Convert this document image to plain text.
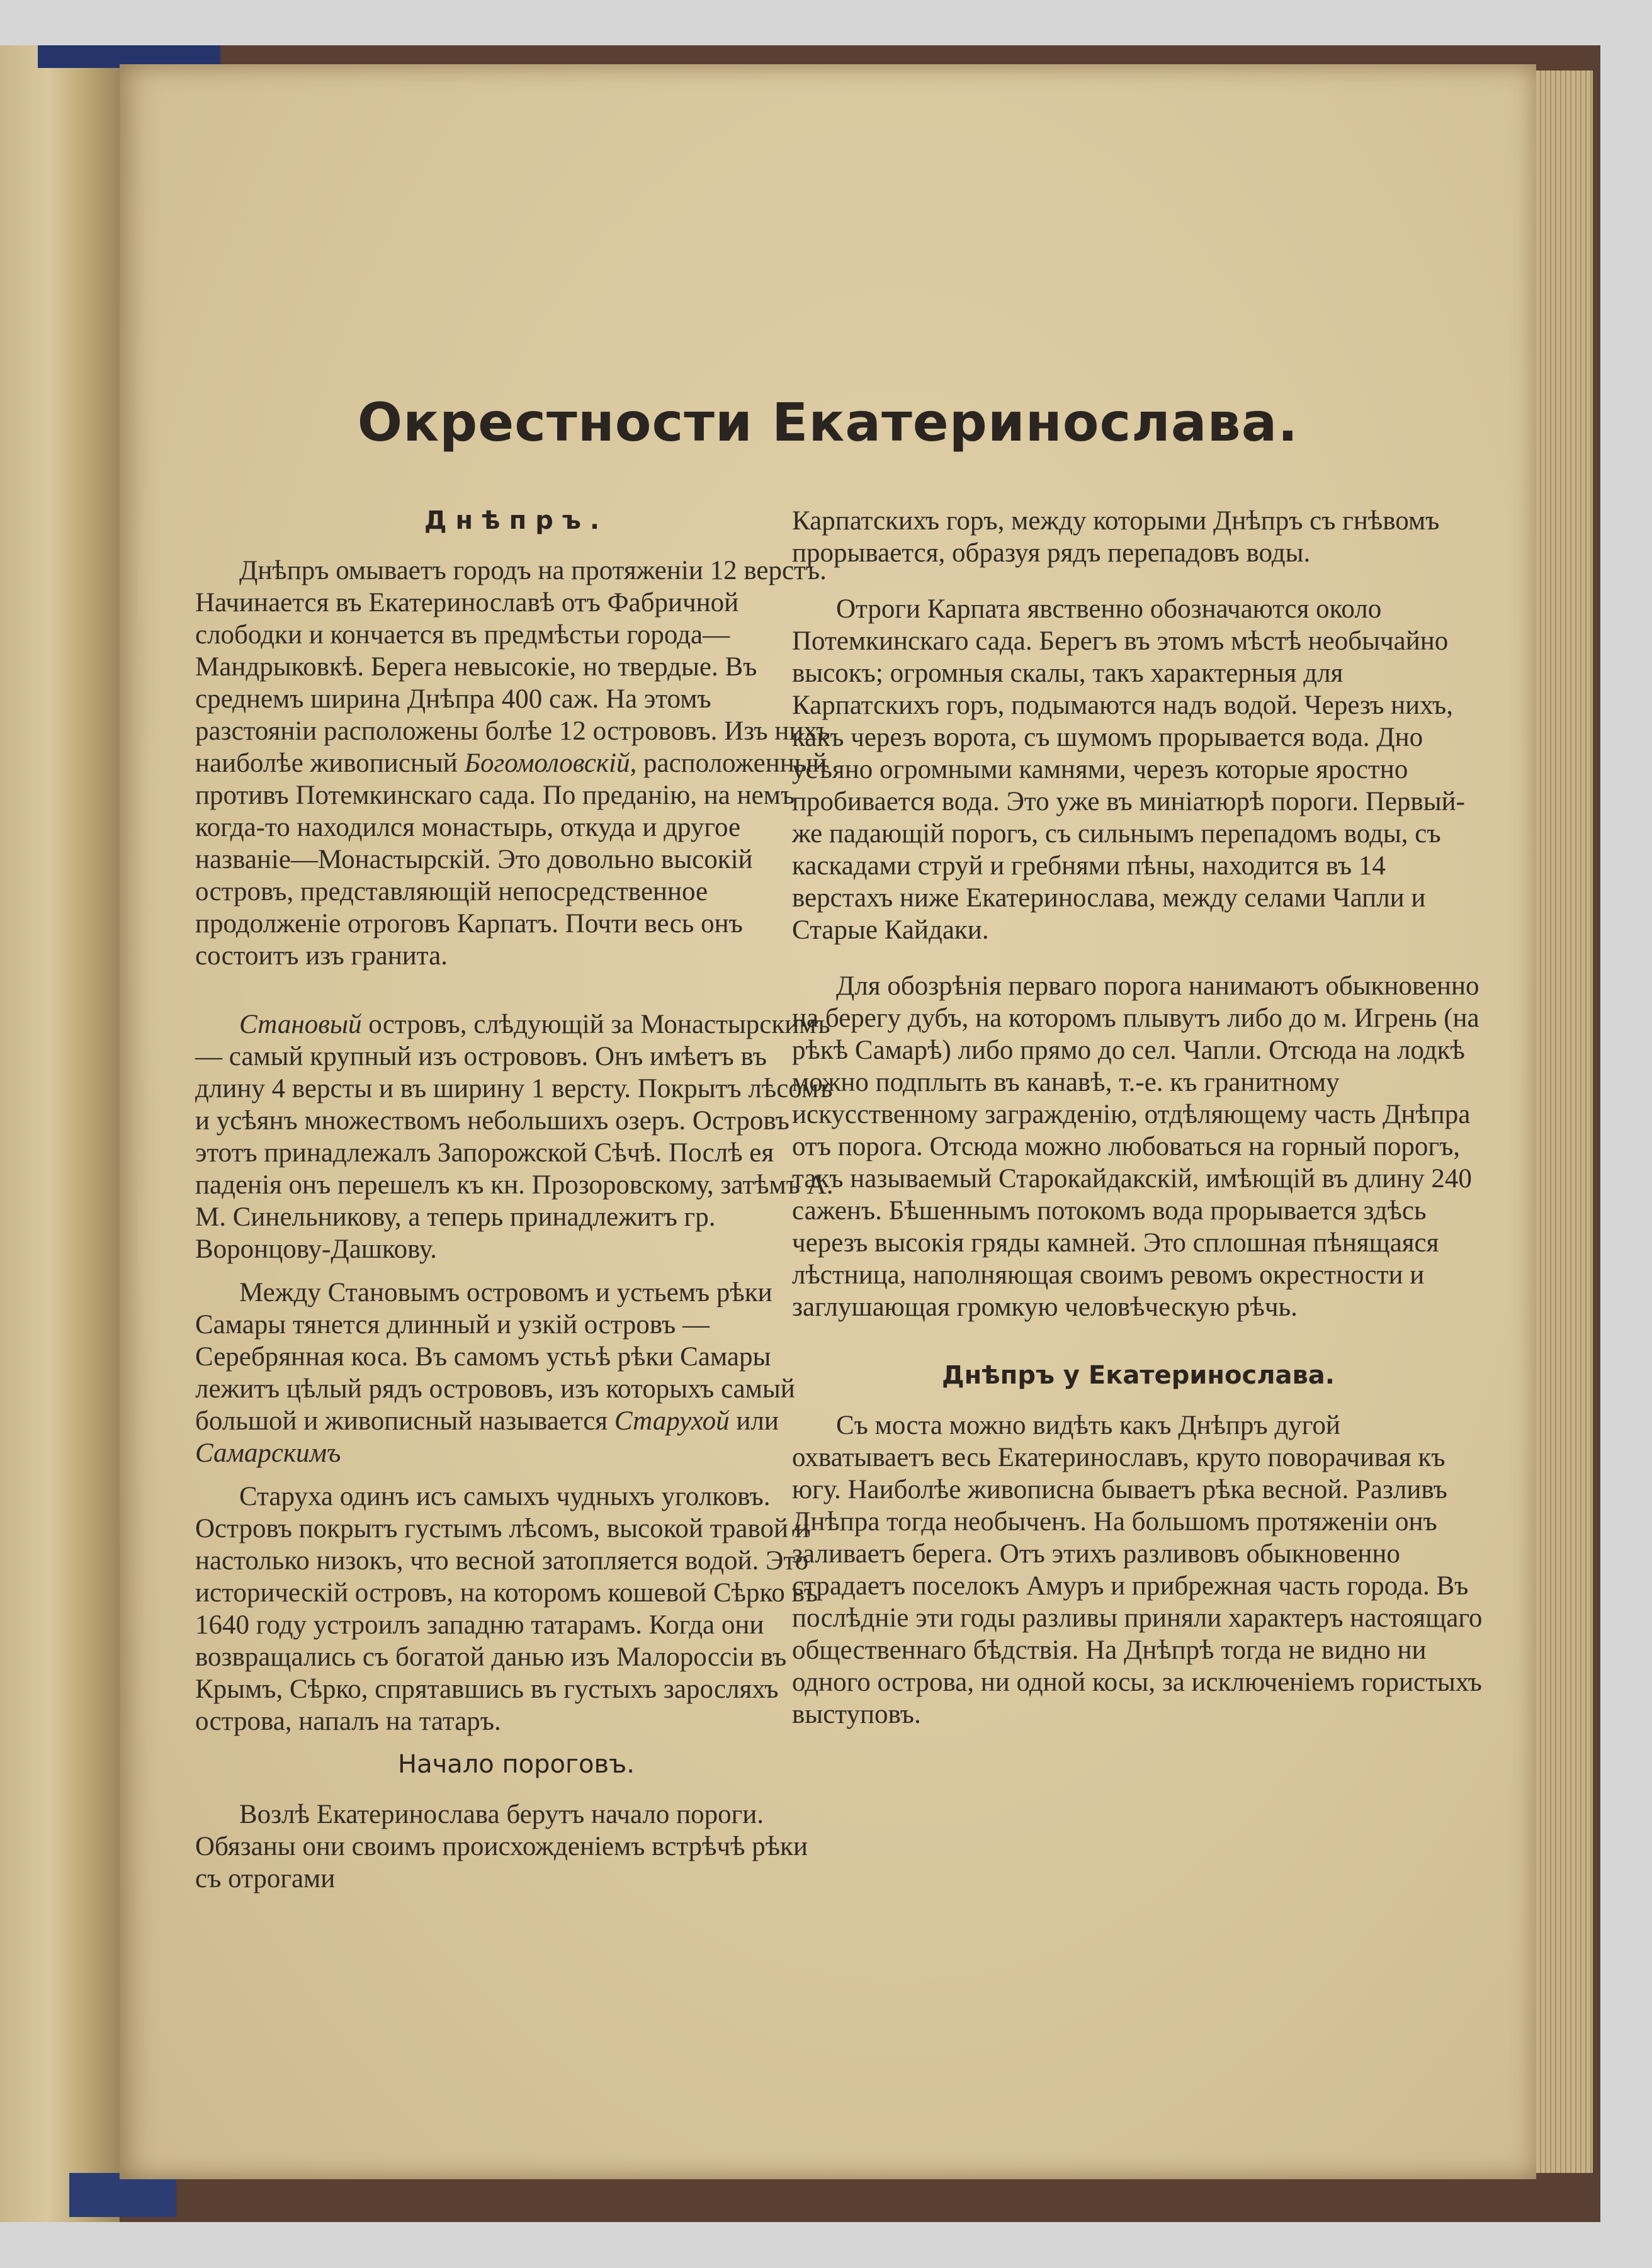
Окрестности Екатеринослава.

Днѣпръ.

Днѣпръ омываетъ городъ на протяженіи 12 верстъ. Начинается въ Екатеринославѣ отъ Фабричной слободки и кончается въ предмѣстьи города—Мандрыковкѣ. Берега невысокіе, но твердые. Въ среднемъ ширина Днѣпра 400 саж. На этомъ разстояніи расположены болѣе 12 острововъ. Изъ нихъ наиболѣе живописный Богомоловскій, расположенный противъ Потемкинскаго сада. По преданію, на немъ когда-то находился монастырь, откуда и другое названіе—Монастырскій. Это довольно высокій островъ, представляющій непосредственное продолженіе отроговъ Карпатъ. Почти весь онъ состоитъ изъ гранита.

Становый островъ, слѣдующій за Монастырскимъ — самый крупный изъ острововъ. Онъ имѣетъ въ длину 4 версты и въ ширину 1 версту. Покрытъ лѣсомъ и усѣянъ множествомъ небольшихъ озеръ. Островъ этотъ принадлежалъ Запорожской Сѣчѣ. Послѣ ея паденія онъ перешелъ къ кн. Прозоровскому, затѣмъ А. М. Синельникову, а теперь принадлежитъ гр. Воронцову-Дашкову.

Между Становымъ островомъ и устьемъ рѣки Самары тянется длинный и узкій островъ — Серебрянная коса. Въ самомъ устьѣ рѣки Самары лежитъ цѣлый рядъ острововъ, изъ которыхъ самый большой и живописный называется Старухой или Самарскимъ

Старуха одинъ исъ самыхъ чудныхъ уголковъ. Островъ покрытъ густымъ лѣсомъ, высокой травой и настолько низокъ, что весной затопляется водой. Это историческій островъ, на которомъ кошевой Сѣрко въ 1640 году устроилъ западню татарамъ. Когда они возвращались съ богатой данью изъ Малороссіи въ Крымъ, Сѣрко, спрятавшись въ густыхъ заросляхъ острова, напалъ на татаръ.

Начало пороговъ.

Возлѣ Екатеринослава берутъ начало пороги. Обязаны они своимъ происхожденіемъ встрѣчѣ рѣки съ отрогами

Карпатскихъ горъ, между которыми Днѣпръ съ гнѣвомъ прорывается, образуя рядъ перепадовъ воды.

Отроги Карпата явственно обозначаются около Потемкинскаго сада. Берегъ въ этомъ мѣстѣ необычайно высокъ; огромныя скалы, такъ характерныя для Карпатскихъ горъ, подымаются надъ водой. Черезъ нихъ, какъ черезъ ворота, съ шумомъ прорывается вода. Дно усѣяно огромными камнями, черезъ которые яростно пробивается вода. Это уже въ миніатюрѣ пороги. Первый-же падающій порогъ, съ сильнымъ перепадомъ воды, съ каскадами струй и гребнями пѣны, находится въ 14 верстахъ ниже Екатеринослава, между селами Чапли и Старые Кайдаки.

Для обозрѣнія перваго порога нанимаютъ обыкновенно на берегу дубъ, на которомъ плывутъ либо до м. Игрень (на рѣкѣ Самарѣ) либо прямо до сел. Чапли. Отсюда на лодкѣ можно подплыть въ канавѣ, т.-е. къ гранитному искусственному загражденію, отдѣляющему часть Днѣпра отъ порога. Отсюда можно любоваться на горный порогъ, такъ называемый Старокайдакскій, имѣющій въ длину 240 саженъ. Бѣшеннымъ потокомъ вода прорывается здѣсь черезъ высокія гряды камней. Это сплошная пѣнящаяся лѣстница, наполняющая своимъ ревомъ окрестности и заглушающая громкую человѣческую рѣчь.

Днѣпръ у Екатеринослава.

Съ моста можно видѣть какъ Днѣпръ дугой охватываетъ весь Екатеринославъ, круто поворачивая къ югу. Наиболѣе живописна бываетъ рѣка весной. Разливъ Днѣпра тогда необыченъ. На большомъ протяженіи онъ заливаетъ берега. Отъ этихъ разливовъ обыкновенно страдаетъ поселокъ Амуръ и прибрежная часть города. Въ послѣдніе эти годы разливы приняли характеръ настоящаго общественнаго бѣдствія. На Днѣпрѣ тогда не видно ни одного острова, ни одной косы, за исключеніемъ гористыхъ выступовъ.
